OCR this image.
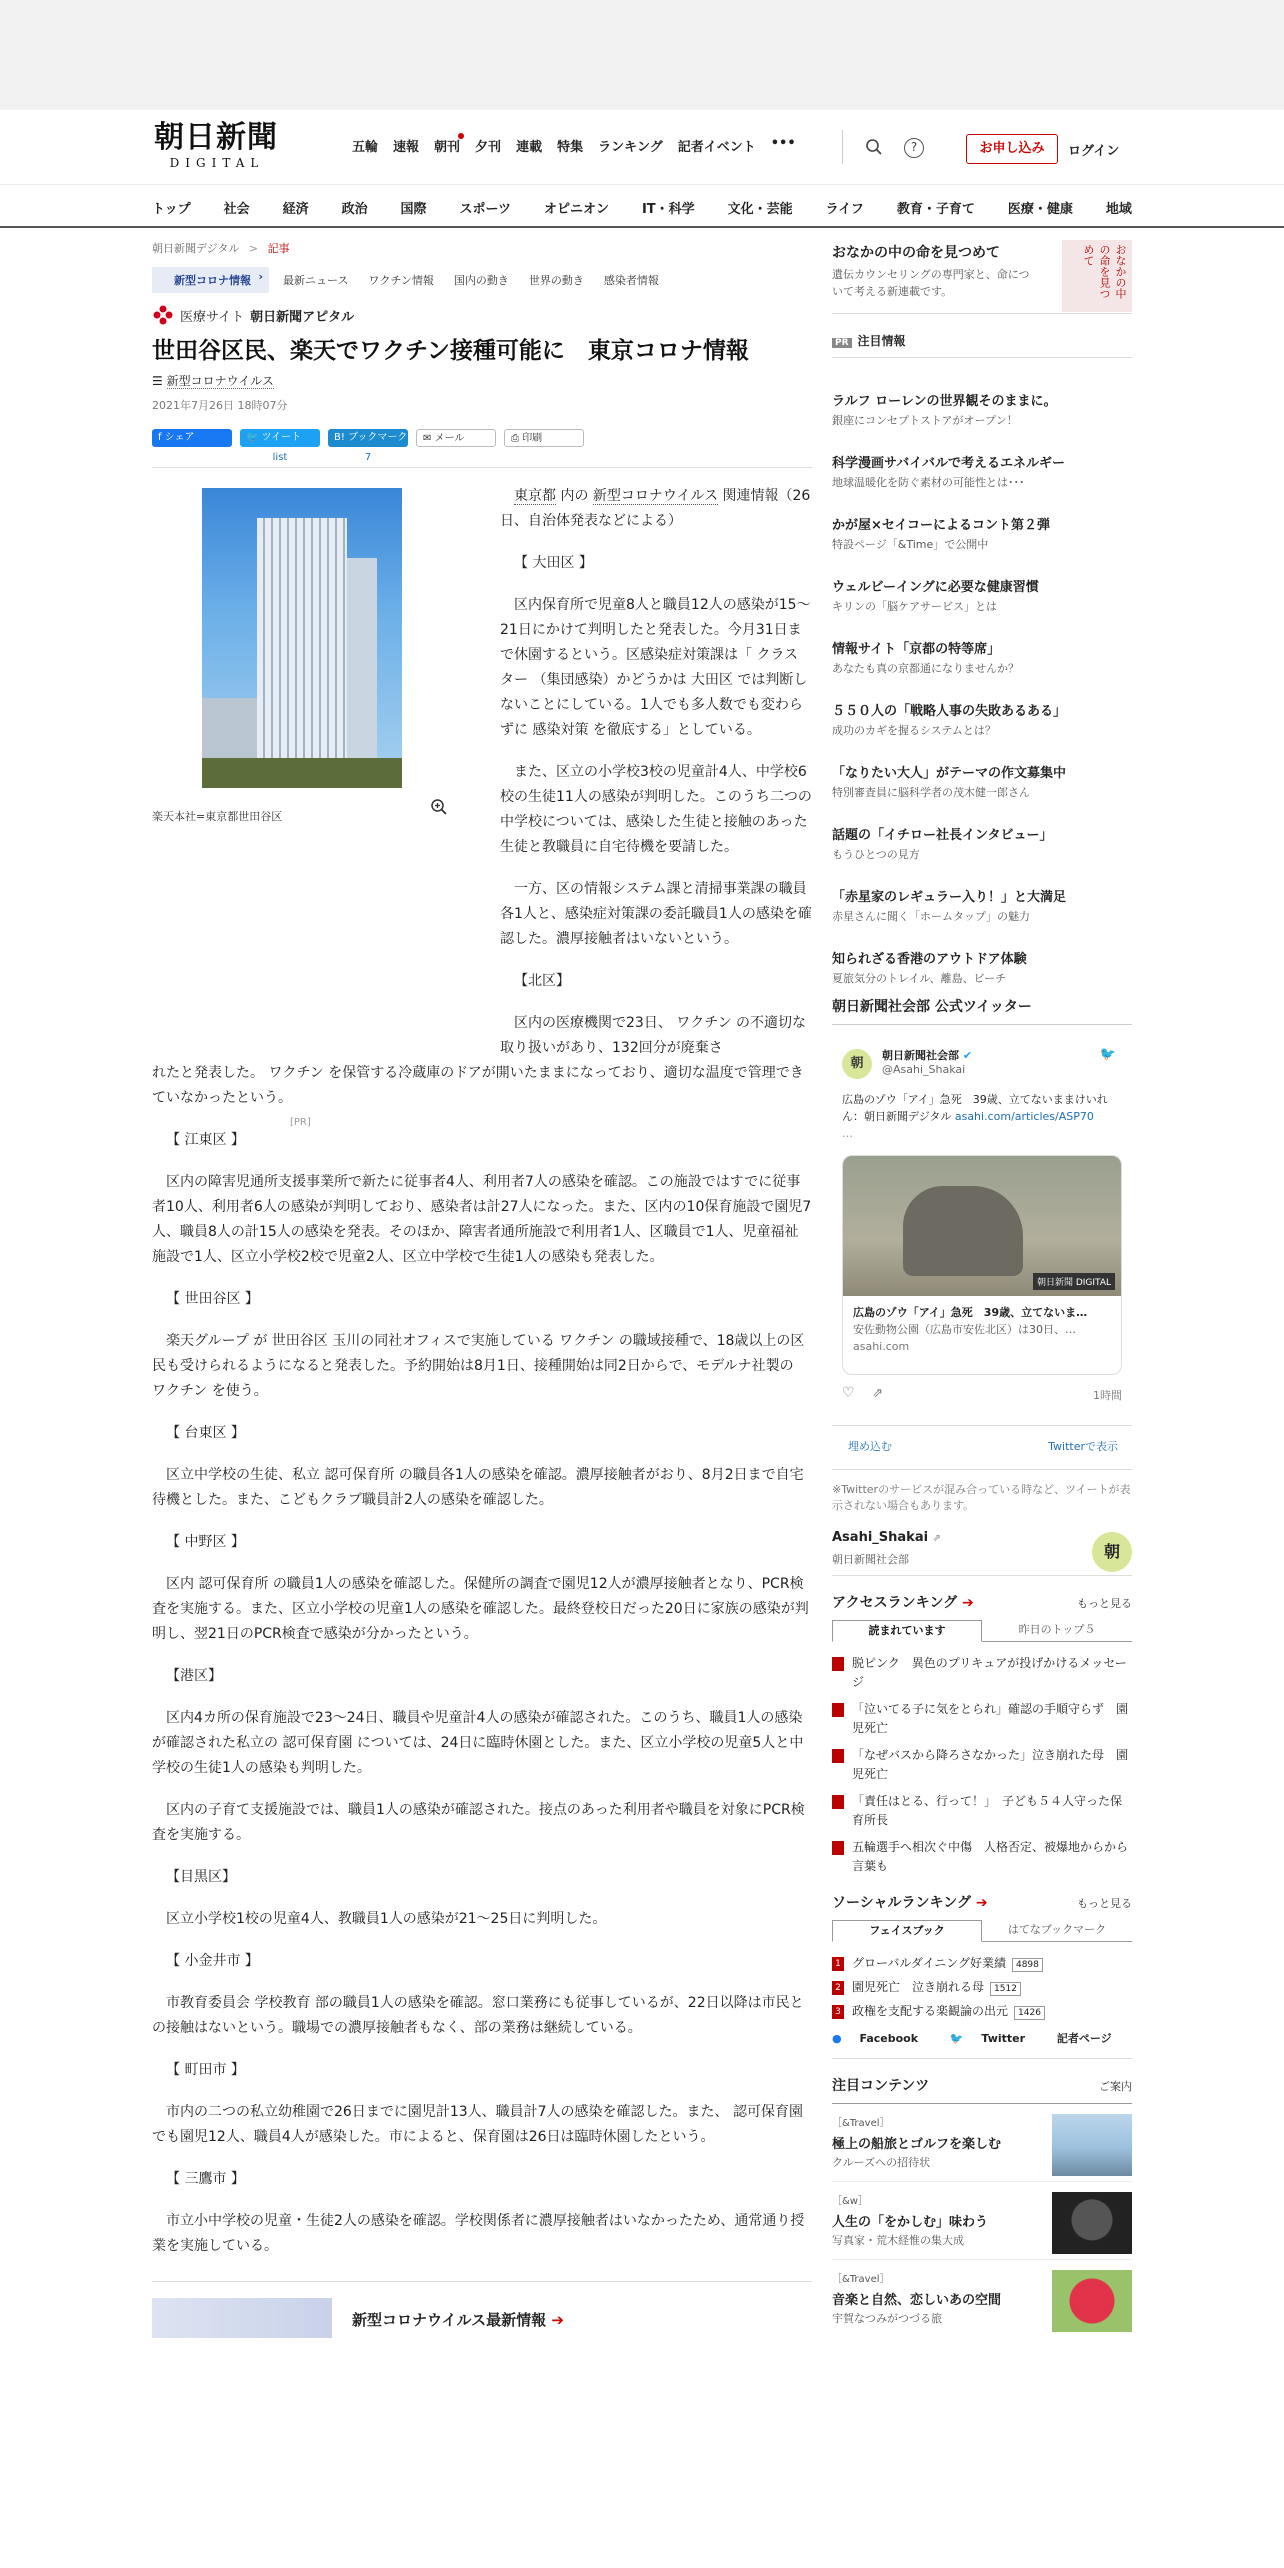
朝日新聞
DIGITAL
五輪 速報 朝刊 夕刊 連載 特集 ランキング 記者イベント •••	?	お申し込み	ログイン
トップ	社会	経済	政治	国際	スポーツ	オピニオン	IT・科学	文化・芸能	ライフ	教育・子育て	医療・健康	地域
朝日新聞デジタル > 記事
新型コロナ情報 ›	最新ニュース ワクチン情報 国内の動き 世界の動き 感染者情報
医療サイト 朝日新聞アピタル
世田谷区民、楽天でワクチン接種可能に　東京コロナ情報
☰ 新型コロナウイルス
2021年7月26日 18時07分
f シェア	🐦 ツイート
list
B! ブックマーク
7
✉ メール	⎙ 印刷
楽天本社=東京都世田谷区
[PR]

東京都 内の 新型コロナウイルス 関連情報（26日、自治体発表などによる）

【 大田区 】

区内保育所で児童8人と職員12人の感染が15～21日にかけて判明したと発表した。今月31日まで休園するという。区感染症対策課は「 クラスター （集団感染）かどうかは 大田区 では判断しないことにしている。1人でも多人数でも変わらずに 感染対策 を徹底する」としている。

また、区立の小学校3校の児童計4人、中学校6校の生徒11人の感染が判明した。このうち二つの中学校については、感染した生徒と接触のあった生徒と教職員に自宅待機を要請した。

一方、区の情報システム課と清掃事業課の職員各1人と、感染症対策課の委託職員1人の感染を確認した。濃厚接触者はいないという。

【北区】

区内の医療機関で23日、 ワクチン の不適切な取り扱いがあり、132回分が廃棄さ

れたと発表した。 ワクチン を保管する冷蔵庫のドアが開いたままになっており、適切な温度で管理できていなかったという。

【 江東区 】

区内の障害児通所支援事業所で新たに従事者4人、利用者7人の感染を確認。この施設ではすでに従事者10人、利用者6人の感染が判明しており、感染者は計27人になった。また、区内の10保育施設で園児7人、職員8人の計15人の感染を発表。そのほか、障害者通所施設で利用者1人、区職員で1人、児童福祉施設で1人、区立小学校2校で児童2人、区立中学校で生徒1人の感染も発表した。

【 世田谷区 】

楽天グループ が 世田谷区 玉川の同社オフィスで実施している ワクチン の職域接種で、18歳以上の区民も受けられるようになると発表した。予約開始は8月1日、接種開始は同2日からで、モデルナ社製の ワクチン を使う。

【 台東区 】

区立中学校の生徒、私立 認可保育所 の職員各1人の感染を確認。濃厚接触者がおり、8月2日まで自宅待機とした。また、こどもクラブ職員計2人の感染を確認した。

【 中野区 】

区内 認可保育所 の職員1人の感染を確認した。保健所の調査で園児12人が濃厚接触者となり、PCR検査を実施する。また、区立小学校の児童1人の感染を確認した。最終登校日だった20日に家族の感染が判明し、翌21日のPCR検査で感染が分かったという。

【港区】

区内4カ所の保育施設で23～24日、職員や児童計4人の感染が確認された。このうち、職員1人の感染が確認された私立の 認可保育園 については、24日に臨時休園とした。また、区立小学校の児童5人と中学校の生徒1人の感染も判明した。

区内の子育て支援施設では、職員1人の感染が確認された。接点のあった利用者や職員を対象にPCR検査を実施する。

【目黒区】

区立小学校1校の児童4人、教職員1人の感染が21～25日に判明した。

【 小金井市 】

市教育委員会 学校教育 部の職員1人の感染を確認。窓口業務にも従事しているが、22日以降は市民との接触はないという。職場での濃厚接触者もなく、部の業務は継続している。

【 町田市 】

市内の二つの私立幼稚園で26日までに園児計13人、職員計7人の感染を確認した。また、 認可保育園 でも園児12人、職員4人が感染した。市によると、保育園は26日は臨時休園したという。

【 三鷹市 】

市立小中学校の児童・生徒2人の感染を確認。学校関係者に濃厚接触者はいなかったため、通常通り授業を実施している。

新型コロナウイルス最新情報 ➔
おなかの中の命を見つめて
遺伝カウンセリングの専門家と、命について考える新連載です。	おなかの中の命を見つめて
PR 注目情報
ラルフ ローレンの世界観そのままに。
銀座にコンセプトストアがオープン！
科学漫画サバイバルで考えるエネルギー
地球温暖化を防ぐ素材の可能性とは･･･
かが屋×セイコーによるコント第２弾
特設ページ「&Time」で公開中
ウェルビーイングに必要な健康習慣
キリンの「脳ケアサービス」とは
情報サイト「京都の特等席」
あなたも真の京都通になりませんか？
５５０人の「戦略人事の失敗あるある」
成功のカギを握るシステムとは？
「なりたい大人」がテーマの作文募集中
特別審査員に脳科学者の茂木健一郎さん
話題の「イチロー社長インタビュー」
もうひとつの見方
「赤星家のレギュラー入り！」と大満足
赤星さんに聞く「ホームタップ」の魅力
知られざる香港のアウトドア体験
夏旅気分のトレイル、離島、ビーチ
朝日新聞社会部 公式ツイッター
朝
朝日新聞社会部 ✔
@Asahi_Shakai
🐦
広島のゾウ「アイ」急死　39歳、立てないままけいれん：朝日新聞デジタル asahi.com/articles/ASP70
…
朝日新聞 DIGITAL
広島のゾウ「アイ」急死　39歳、立てないま…
安佐動物公園（広島市安佐北区）は30日、…
asahi.com
♡ ⇗	1時間
埋め込む	Twitterで表示
※Twitterのサービスが混み合っている時など、ツイートが表示されない場合もあります。
Asahi_Shakai ⇗
朝日新聞社会部	朝
アクセスランキング ➔	もっと見る
読まれています	昨日のトップ５
脱ピンク　異色のプリキュアが投げかけるメッセージ
「泣いてる子に気をとられ」確認の手順守らず　園児死亡
「なぜバスから降ろさなかった」泣き崩れた母　園児死亡
「責任はとる、行って！」　子ども５４人守った保育所長
五輪選手へ相次ぐ中傷　人格否定、被爆地からから言葉も
ソーシャルランキング ➔	もっと見る
フェイスブック	はてなブックマーク
1 グローバルダイニング好業績 4898
2 園児死亡　泣き崩れる母 1512
3 政権を支配する楽観論の出元 1426
● Facebook	🐦 Twitter	記者ページ
注目コンテンツ	ご案内
［&Travel］
極上の船旅とゴルフを楽しむ
クルーズへの招待状
［&w］
人生の「をかしむ」味わう
写真家・荒木経惟の集大成
［&Travel］
音楽と自然、恋しいあの空間
宇賀なつみがつづる旅
